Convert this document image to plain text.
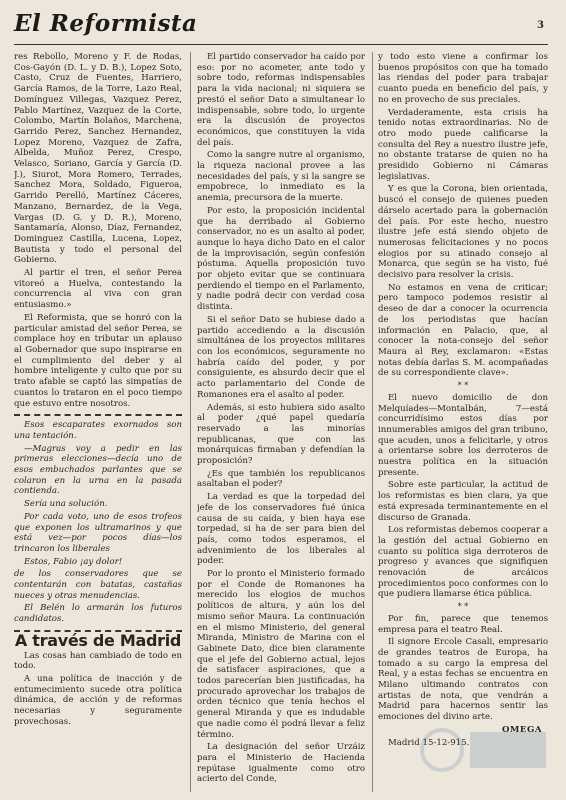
El Reformista	3

res Rebollo, Moreno y F. de Rodas, Cos-Gayón (D. L. y D. B.), Lopez Soto, Casto, Cruz de Fuentes, Harriero, García Ramos, de la Torre, Lazo Real, Domínguez Villegas, Vazquez Perez, Pablo Martínez, Vazquez de la Corte, Colombo, Martín Bolaños, Marchena, Garrido Perez, Sanchez Hernandez, Lopez Moreno, Vazquez de Zafra, Albelda, Muñoz Perez, Crespo, Velasco, Soriano, García y García (D. J.), Siurot, Mora Romero, Terrades, Sanchez Mora, Soldado, Figueroa, Garrido Perelló, Martínez Cáceres, Manzano, Bernardez, de la Vega, Vargas (D. G. y D. R.), Moreno, Santamaría, Alonso, Díaz, Fernandez, Dominguez Castilla, Lucena, Lopez, Bautista y todo el personal del Gobierno.

Al partir el tren, el señor Perea vitoreó a Huelva, contestando la concurrencia al viva con gran entusiasmo.»

El Reformista, que se honró con la particular amistad del señor Perea, se complace hoy en tributar un aplauso al Gobernador que supo inspirarse en el cumplimiento del deber y al hombre inteligente y culto que por su trato afable se captó las simpatías de cuantos lo trataron en el poco tiempo que estuvo entre nosotros.

Esos escaparates exornados son una tentación.

—Magras voy a pedir en las primeras elecciones—decía uno de esos embuchados parlantes que se colaron en la urna en la pasada contienda.

Sería una solución.

Por cada voto, uno de esos trofeos que exponen los ultramarinos y que está vez—por pocos días—los trincaron los liberales

Estos, Fabio ¡ay dolor!

de los conservadores que se contentarán con batatas, castañas nueces y otras menudencias.

El Belén lo armarán los futuros candidatos.

A través de Madrid

Las cosas han cambiado de todo en todo.

A una política de inacción y de entumecimiento sucede otra política dinámica, de acción y de reformas necesarias y seguramente provechosas.

El partido conservador ha caído por eso: por no acometer, ante todo y sobre todo, reformas indispensables para la vida nacional; ni siquiera se prestó el señor Dato a simultanear lo indispensable, sobre todo, lo urgente era la discusión de proyectos económicos, que constituyen la vida del país.

Como la sangre nutre al organismo, la riqueza nacional provee a las necesidades del país, y si la sangre se empobrece, lo inmediato es la anemia, precursora de la muerte.

Por esto, la proposición incidental que ha derribado al Gobierno conservador, no es un asalto al poder, aunque lo haya dicho Dato en el calor de la improvisación, según confesión póstuma. Aquella proposición tuvo por objeto evitar que se continuara perdiendo el tiempo en el Parlamento, y nadie podrá decir con verdad cosa distinta.

Si el señor Dato se hubiese dado a partido accediendo a la discusión simultánea de los proyectos militares con los económicos, seguramente no habría caído del poder, y por consiguiente, es absurdo decir que el acto parlamentario del Conde de Romanones era el asalto al poder.

Además, si esto hubiera sido asalto al poder ¿qué papel quedaría reservado a las minorías republicanas, que con las monárquicas firmaban y defendían la proposición?

¿Es que también los republicanos asaltaban el poder?

La verdad es que la torpedad del jefe de los conservadores fué única causa de su caída, y bien haya ese torpedad, si ha de ser para bien del país, como todos esperamos, el advenimiento de los liberales al poder.

Por lo pronto el Ministerio formado por el Conde de Romanones ha merecido los elogios de muchos políticos de altura, y aún los del mismo señor Maura. La continuación en el mismo Ministerio, del general Miranda, Ministro de Marina con el Gabinete Dato, dice bien claramente que el jefe del Gobierno actual, lejos de satisfacer aspiraciones, que a todos parecerían bien justificadas, ha procurado aprovechar los trabajos de orden técnico que tenía hechos el general Miranda y que es indudable que nadie como él podrá llevar a feliz término.

La designación del señor Urzáiz para el Ministerio de Hacienda repútase igualmente como otro acierto del Conde,

y todo esto viene a confirmar los buenos propósitos con que ha tomado las riendas del poder para trabajar cuanto pueda en beneficio del país, y no en provecho de sus preciales.

Verdaderamente, esta crisis ha tenido notas extraordinarias. No de otro modo puede calificarse la consulta del Rey a nuestro ilustre jefe, no obstante tratarse de quien no ha presidido Gobierno ni Cámaras legislativas.

Y es que la Corona, bien orientada, buscó el consejo de quienes pueden dárselo acertado para la gobernación del país. Por este hecho, nuestro ilustre jefe está siendo objeto de numerosas felicitaciones y no pocos elogios por su atinado consejo al Monarca, que según se ha visto, fué decisivo para resolver la crisis.

No estamos en vena de criticar; pero tampoco podemos resistir al deseo de dar a conocer la ocurrencia de los periodistas que hacían información en Palacio, que, al conocer la nota-consejo del señor Maura al Rey, exclamaron: «Estas notas debía darlas S. M. acompañadas de su correspondiente clave».

* *

El nuevo domicilio de don Melquíades—Montalbán, 7—está concurridísimo estos días por innumerables amigos del gran tribuno, que acuden, unos a felicitarle, y otros a orientarse sobre los derroteros de nuestra política en la situación presente.

Sobre este particular, la actitud de los reformistas es bien clara, ya que está expresada terminantemente en el discurso de Granada.

Los reformistas debemos cooperar a la gestión del actual Gobierno en cuanto su política siga derroteros de progreso y avances que signifiquen renovación de arcáicos procedimientos poco conformes con lo que pudiera llamarse ética pública.

* *

Por fin, parece que tenemos empresa para el teatro Real.

Il signore Ercole Casali, empresario de grandes teatros de Europa, ha tomado a su cargo la empresa del Real, y a estas fechas se encuentra en Milano ultimando contratos con artistas de nota, que vendrán a Madrid para hacernos sentir las emociones del divino arte.

OMEGA

Madrid 15-12-915.
